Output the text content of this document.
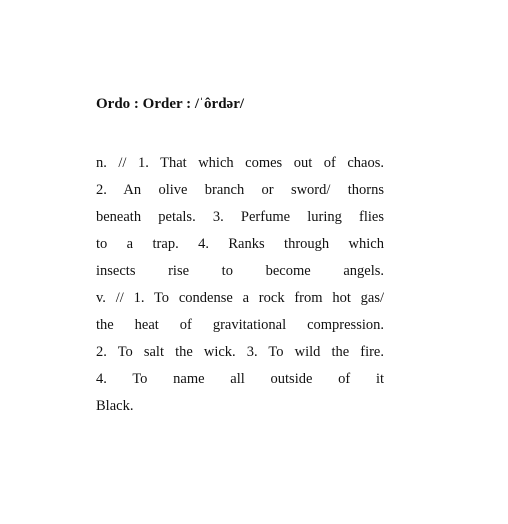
Ordo : Order : /ˈôrdər/

n. // 1. That which comes out of chaos.
2. An olive branch or sword/ thorns
beneath petals. 3. Perfume luring flies
to a trap. 4. Ranks through which
insects rise to become angels.
v. // 1. To condense a rock from hot gas/
the heat of gravitational compression.
2. To salt the wick. 3. To wild the fire.
4. To name all outside of it
Black.
